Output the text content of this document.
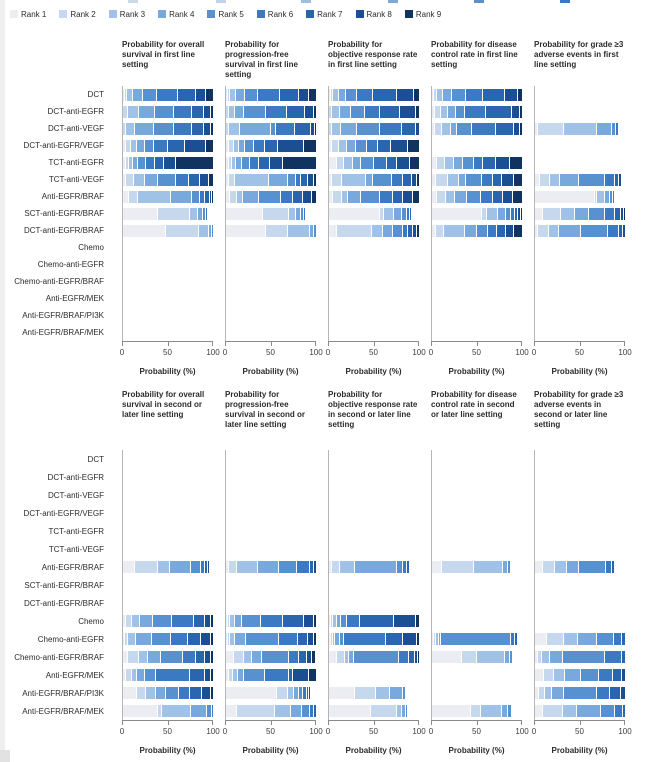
Rank 1	Rank 2	Rank 3	Rank 4	Rank 5	Rank 6	Rank 7	Rank 8	Rank 9
DCT
DCT-anti-EGFR
DCT-anti-VEGF
DCT-anti-EGFR/VEGF
TCT-anti-EGFR
TCT-anti-VEGF
Anti-EGFR/BRAF
SCT-anti-EGFR/BRAF
DCT-anti-EGFR/BRAF
Chemo
Chemo-anti-EGFR
Chemo-anti-EGFR/BRAF
Anti-EGFR/MEK
Anti-EGFR/BRAF/PI3K
Anti-EGFR/BRAF/MEK
Probability for overall survival in first line setting
0	50	100
Probability (%)
Probability for progression-free survival in first line setting
0	50	100
Probability (%)
Probability for objective response rate in first line setting
0	50	100
Probability (%)
Probability for disease control rate in first line setting
0	50	100
Probability (%)
Probability for grade ≥3 adverse events in first line setting
0	50	100
Probability (%)
DCT
DCT-anti-EGFR
DCT-anti-VEGF
DCT-anti-EGFR/VEGF
TCT-anti-EGFR
TCT-anti-VEGF
Anti-EGFR/BRAF
SCT-anti-EGFR/BRAF
DCT-anti-EGFR/BRAF
Chemo
Chemo-anti-EGFR
Chemo-anti-EGFR/BRAF
Anti-EGFR/MEK
Anti-EGFR/BRAF/PI3K
Anti-EGFR/BRAF/MEK
Probability for overall survival in second or later line setting
0	50	100
Probability (%)
Probability for progression-free survival in second or later line setting
0	50	100
Probability (%)
Probability for objective response rate in second or later line setting
0	50	100
Probability (%)
Probability for disease control rate in second or later line setting
0	50	100
Probability (%)
Probability for grade ≥3 adverse events in second or later line setting
0	50	100
Probability (%)
